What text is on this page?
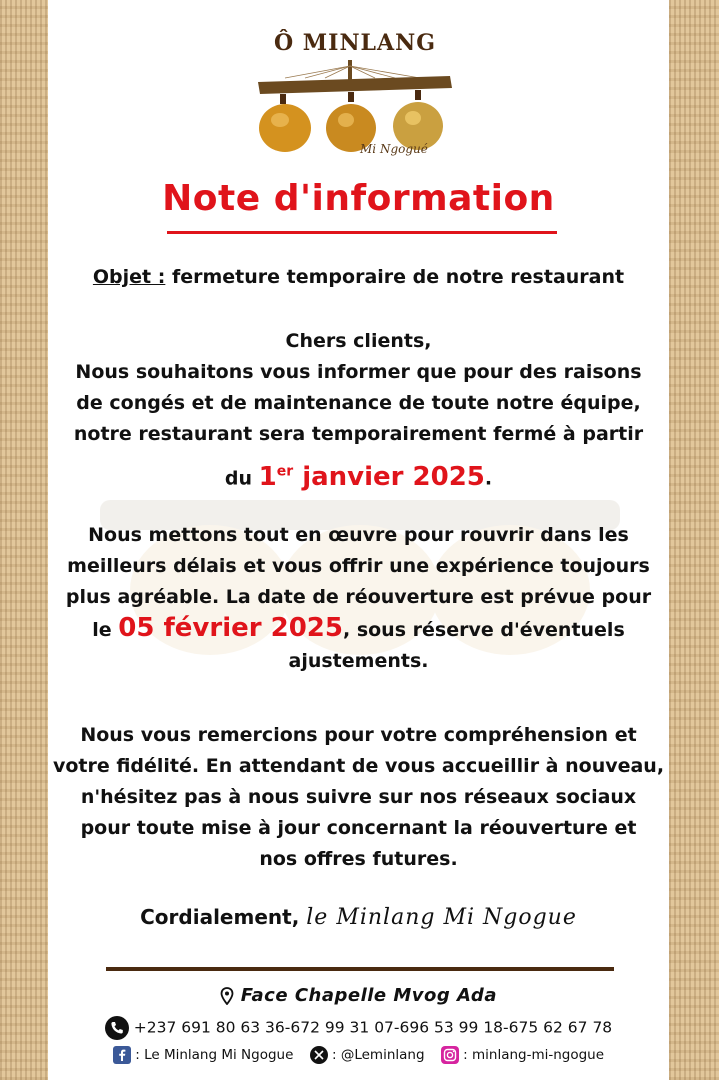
Ô MINLANG
Mi Ngogué
Note d'information
Objet : fermeture temporaire de notre restaurant
Chers clients,
Nous souhaitons vous informer que pour des raisons
de congés et de maintenance de toute notre équipe,
notre restaurant sera temporairement fermé à partir
du 1er janvier 2025.
Nous mettons tout en œuvre pour rouvrir dans les
meilleurs délais et vous offrir une expérience toujours
plus agréable. La date de réouverture est prévue pour
le 05 février 2025, sous réserve d'éventuels
ajustements.
Nous vous remercions pour votre compréhension et
votre fidélité. En attendant de vous accueillir à nouveau,
n'hésitez pas à nous suivre sur nos réseaux sociaux
pour toute mise à jour concernant la réouverture et
nos offres futures.
Cordialement, le Minlang Mi Ngogue
Face Chapelle Mvog Ada
+237 691 80 63 36-672 99 31 07-696 53 99 18-675 62 67 78
: Le Minlang Mi Ngogue	: @Leminlang	: minlang-mi-ngogue
